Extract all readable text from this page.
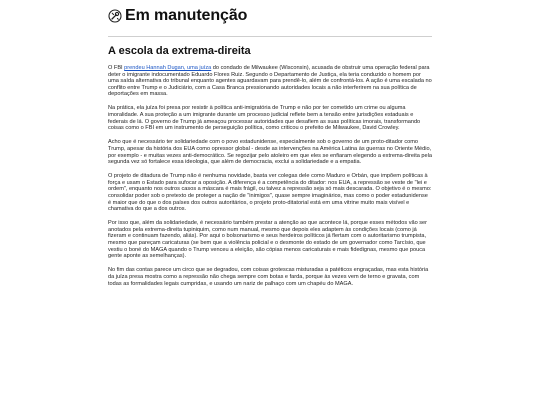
Em manutenção
A escola da extrema-direita

O FBI prendeu Hannah Dugan, uma juíza do condado de Milwaukee (Wisconsin), acusada de obstruir uma operação federal para deter o imigrante indocumentado Eduardo Flores Ruiz. Segundo o Departamento de Justiça, ela teria conduzido o homem por uma saída alternativa do tribunal enquanto agentes aguardavam para prendê-lo, além de confrontá-los. A ação é uma escalada no conflito entre Trump e o Judiciário, com a Casa Branca pressionando autoridades locais a não interferirem na sua política de deportações em massa.

Na prática, ela juíza foi presa por resistir à política anti-imigratória de Trump e não por ter cometido um crime ou alguma imoralidade. A sua proteção a um imigrante durante um processo judicial reflete bem a tensão entre jurisdições estaduais e federais de lá. O governo de Trump já ameaçou processar autoridades que desafiem as suas políticas imorais, transformando coisas como o FBI em um instrumento de perseguição política, como criticou o prefeito de Milwaukee, David Crowley.

Acho que é necessário ter solidariedade com o povo estadunidense, especialmente sob o governo de um proto-ditador como Trump, apesar da história dos EUA como opressor global - desde as intervenções na América Latina às guerras no Oriente Médio, por exemplo - e muitas vezes anti-democrático. Se regozijar pelo atoleiro em que eles se enfiaram elegendo a extrema-direita pela segunda vez só fortalece essa ideologia, que além de democracia, exclui a solidariedade e a empatia.

O projeto de ditadura de Trump não é nenhuma novidade, basta ver colegas dele como Maduro e Orbán, que impõem políticas à força e usam o Estado para sufocar a oposição. A diferença é a competência do ditador: nos EUA, a repressão se veste de "lei e ordem", enquanto nos outros casos a máscara é mais frágil, ou talvez a repressão seja só mais descarada. O objetivo é o mesmo: consolidar poder sob o pretexto de proteger a nação de "inimigos", quase sempre imaginários, mas como o poder estadunidense é maior que do que o dos países dos outros autoritários, o projeto proto-ditatorial está em uma vitrine muito mais visível e chamativa do que a dos outros.

Por isso que, além da solidariedade, é necessário também prestar a atenção ao que acontece lá, porque esses métodos vão ser anotados pela extrema-direita tupiniquim, como num manual, mesmo que depois eles adaptem às condições locais (como já fizeram e continuam fazendo, aliás). Por aqui o bolsonarismo e seus herdeiros políticos já flertam com o autoritarismo trumpista, mesmo que pareçam caricaturas (se bem que a violência policial e o desmonte do estado de um governador como Tarcísio, que vestiu o boné do MAGA quando o Trump venceu a eleição, são cópias menos caricaturais e mais fidedignas, mesmo que pouca gente aponte as semelhanças).

No fim das contas parece um circo que se degradou, com coisas grotescas misturadas a patéticos engraçadas, mas esta história da juíza presa mostra como a repressão não chega sempre com botas e farda, porque às vezes vem de terno e gravata, com todas as formalidades legais cumpridas, e usando um nariz de palhaço com um chapéu do MAGA.
